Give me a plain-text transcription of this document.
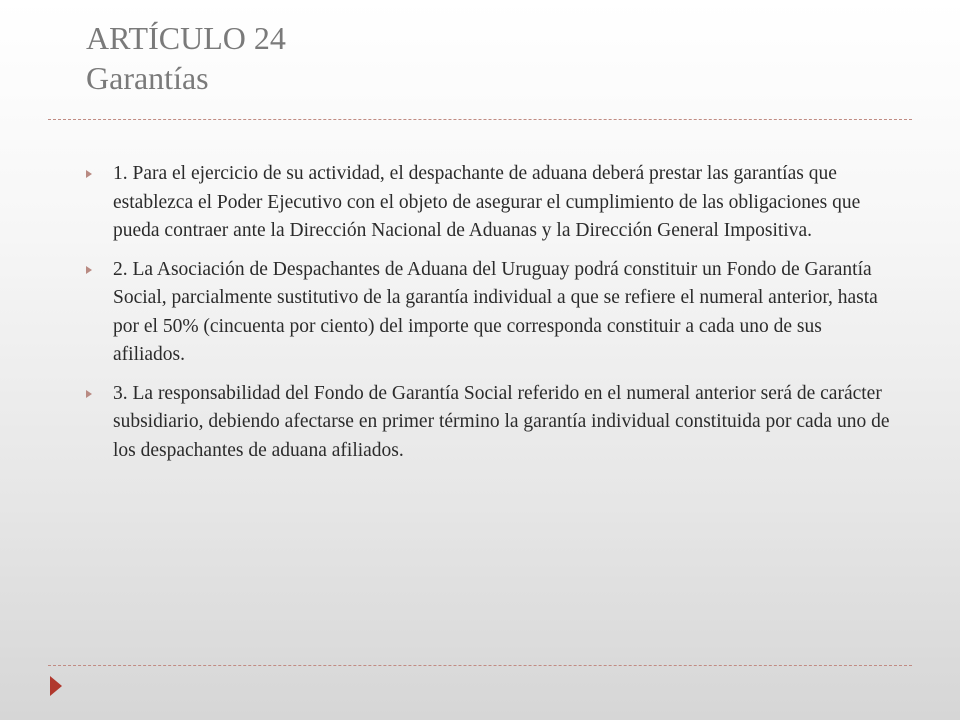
ARTÍCULO 24
Garantías
1. Para el ejercicio de su actividad, el despachante de aduana deberá prestar las garantías que establezca el Poder Ejecutivo con el objeto de asegurar el cumplimiento de las obligaciones que pueda contraer ante la Dirección Nacional de Aduanas y la Dirección General Impositiva.
2. La Asociación de Despachantes de Aduana del Uruguay podrá constituir un Fondo de Garantía Social, parcialmente sustitutivo de la garantía individual a que se refiere el numeral anterior, hasta por el 50% (cincuenta por ciento) del importe que corresponda constituir a cada uno de sus afiliados.
3. La responsabilidad del Fondo de Garantía Social referido en el numeral anterior será de carácter subsidiario, debiendo afectarse en primer término la garantía individual constituida por cada uno de los despachantes de aduana afiliados.
